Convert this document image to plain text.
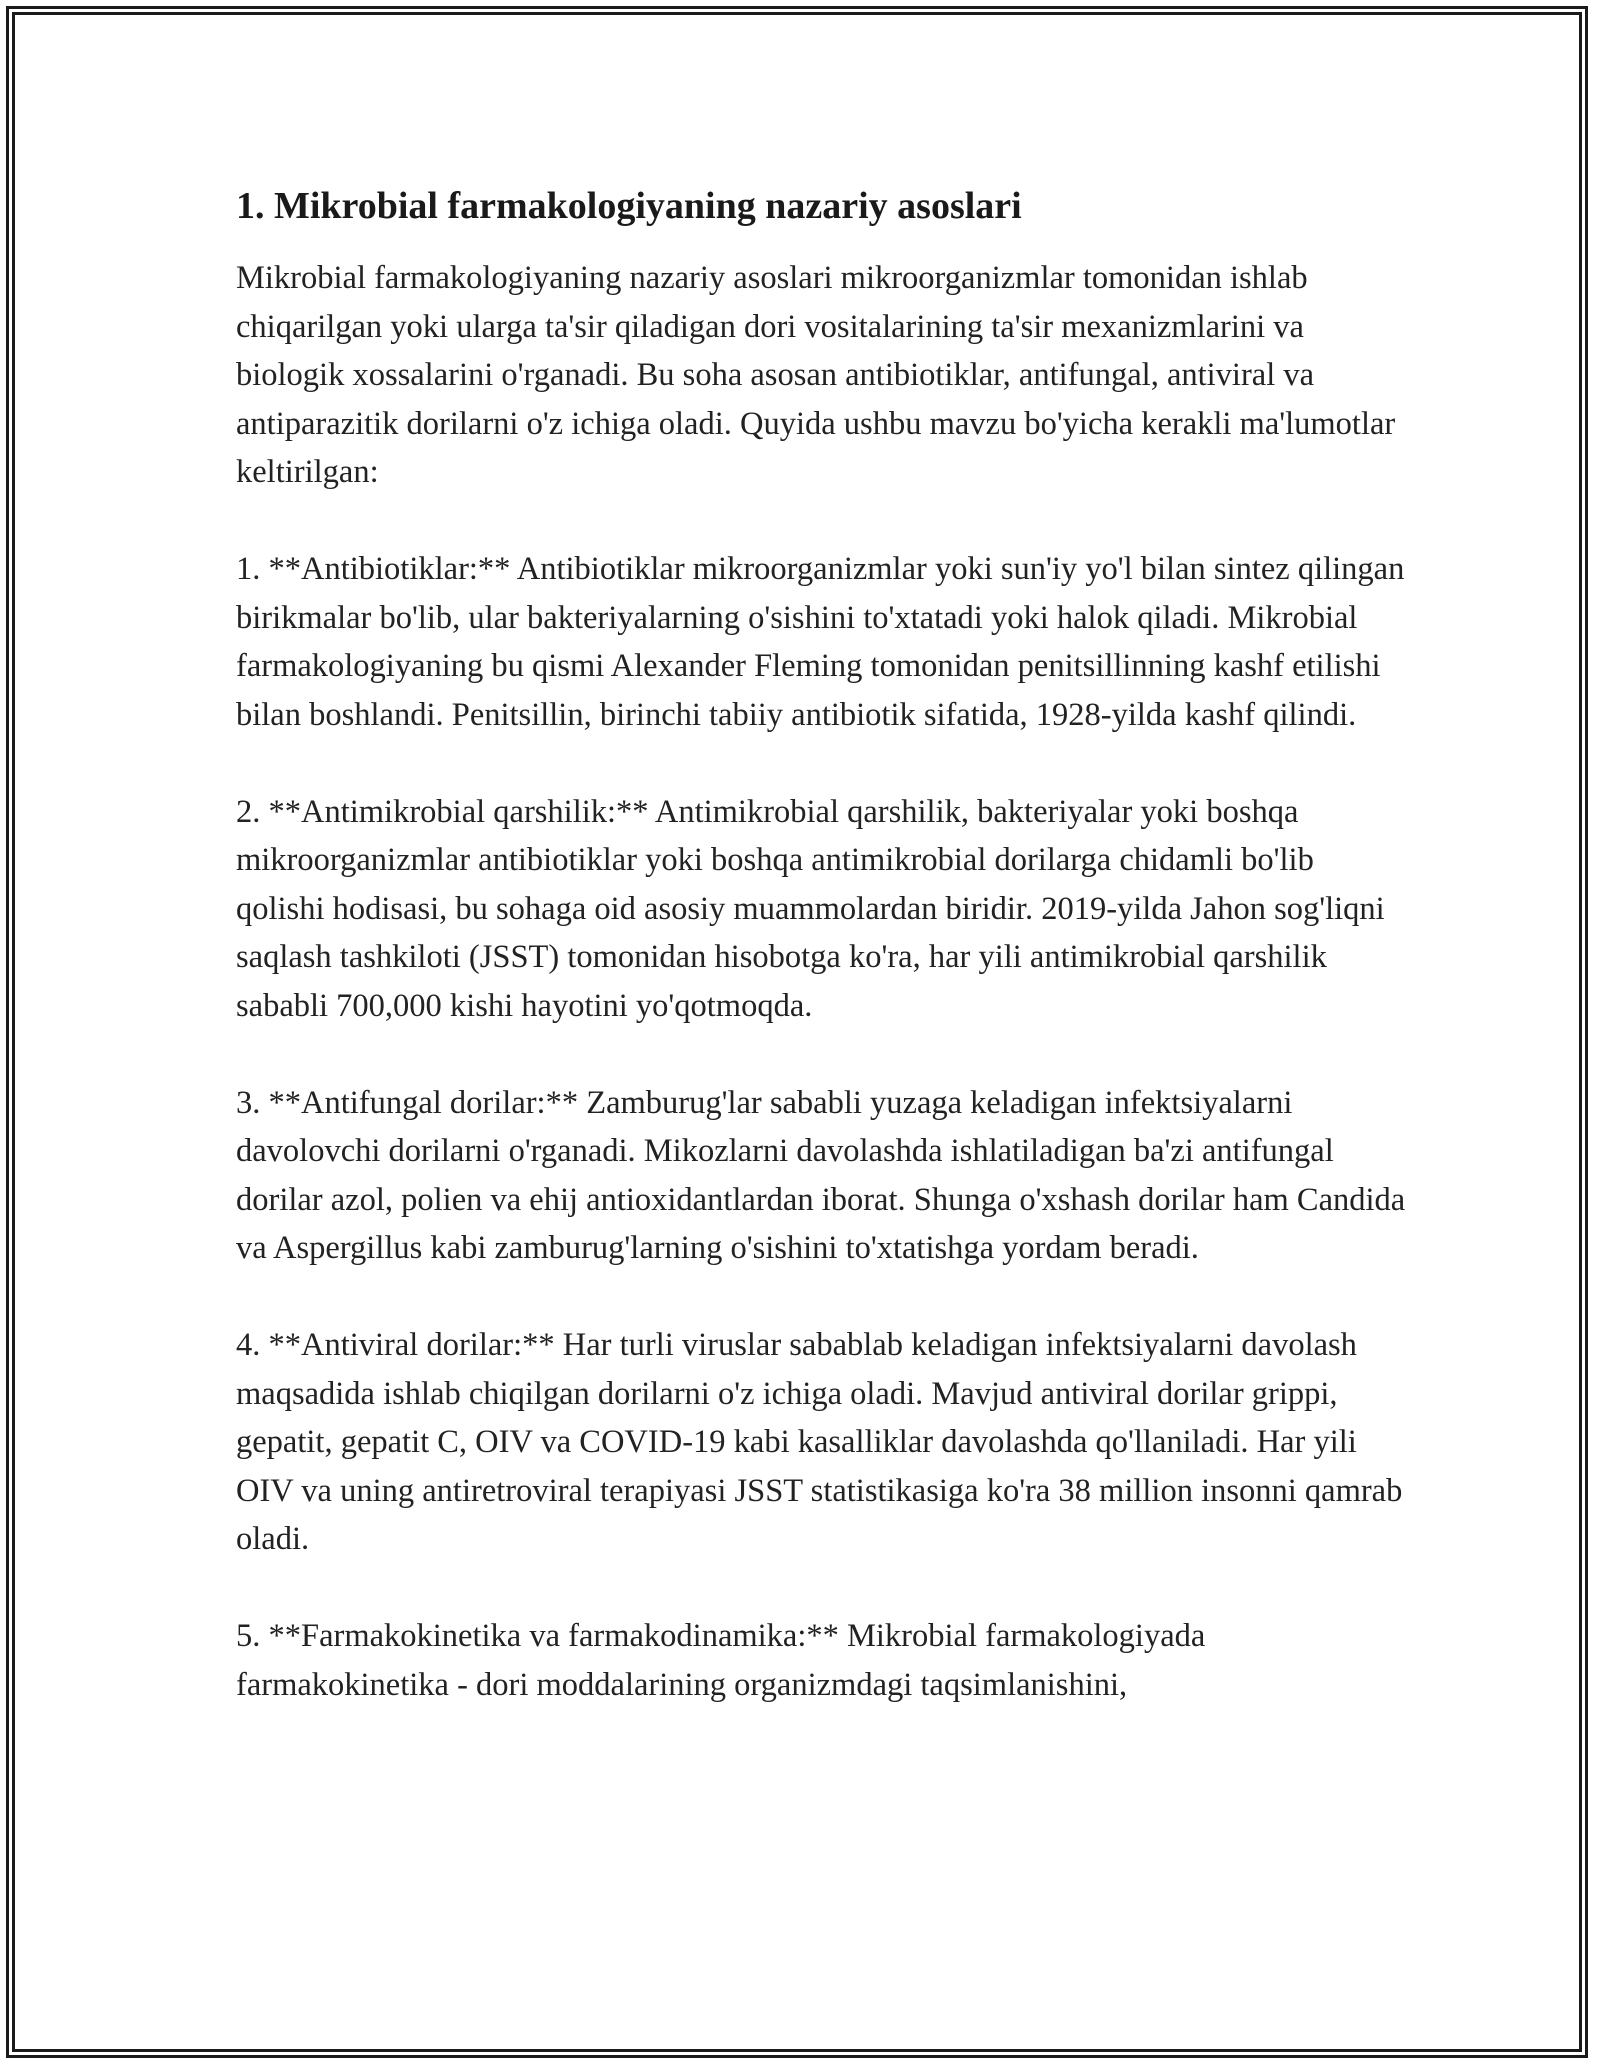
1. Mikrobial farmakologiyaning nazariy asoslari
Mikrobial farmakologiyaning nazariy asoslari mikroorganizmlar tomonidan ishlab chiqarilgan yoki ularga ta'sir qiladigan dori vositalarining ta'sir mexanizmlarini va biologik xossalarini o'rganadi. Bu soha asosan antibiotiklar, antifungal, antiviral va antiparazitik dorilarni o'z ichiga oladi. Quyida ushbu mavzu bo'yicha kerakli ma'lumotlar keltirilgan:
1. **Antibiotiklar:** Antibiotiklar mikroorganizmlar yoki sun'iy yo'l bilan sintez qilingan birikmalar bo'lib, ular bakteriyalarning o'sishini to'xtatadi yoki halok qiladi. Mikrobial farmakologiyaning bu qismi Alexander Fleming tomonidan penitsillinning kashf etilishi bilan boshlandi. Penitsillin, birinchi tabiiy antibiotik sifatida, 1928-yilda kashf qilindi.
2. **Antimikrobial qarshilik:** Antimikrobial qarshilik, bakteriyalar yoki boshqa mikroorganizmlar antibiotiklar yoki boshqa antimikrobial dorilarga chidamli bo'lib qolishi hodisasi, bu sohaga oid asosiy muammolardan biridir. 2019-yilda Jahon sog'liqni saqlash tashkiloti (JSST) tomonidan hisobotga ko'ra, har yili antimikrobial qarshilik sababli 700,000 kishi hayotini yo'qotmoqda.
3. **Antifungal dorilar:** Zamburug'lar sababli yuzaga keladigan infektsiyalarni davolovchi dorilarni o'rganadi. Mikozlarni davolashda ishlatiladigan ba'zi antifungal dorilar azol, polien va ehij antioxidantlardan iborat. Shunga o'xshash dorilar ham Candida va Aspergillus kabi zamburug'larning o'sishini to'xtatishga yordam beradi.
4. **Antiviral dorilar:** Har turli viruslar sabablab keladigan infektsiyalarni davolash maqsadida ishlab chiqilgan dorilarni o'z ichiga oladi. Mavjud antiviral dorilar grippi, gepatit, gepatit C, OIV va COVID-19 kabi kasalliklar davolashda qo'llaniladi. Har yili OIV va uning antiretroviral terapiyasi JSST statistikasiga ko'ra 38 million insonni qamrab oladi.
5. **Farmakokinetika va farmakodinamika:** Mikrobial farmakologiyada farmakokinetika - dori moddalarining organizmdagi taqsimlanishini,
